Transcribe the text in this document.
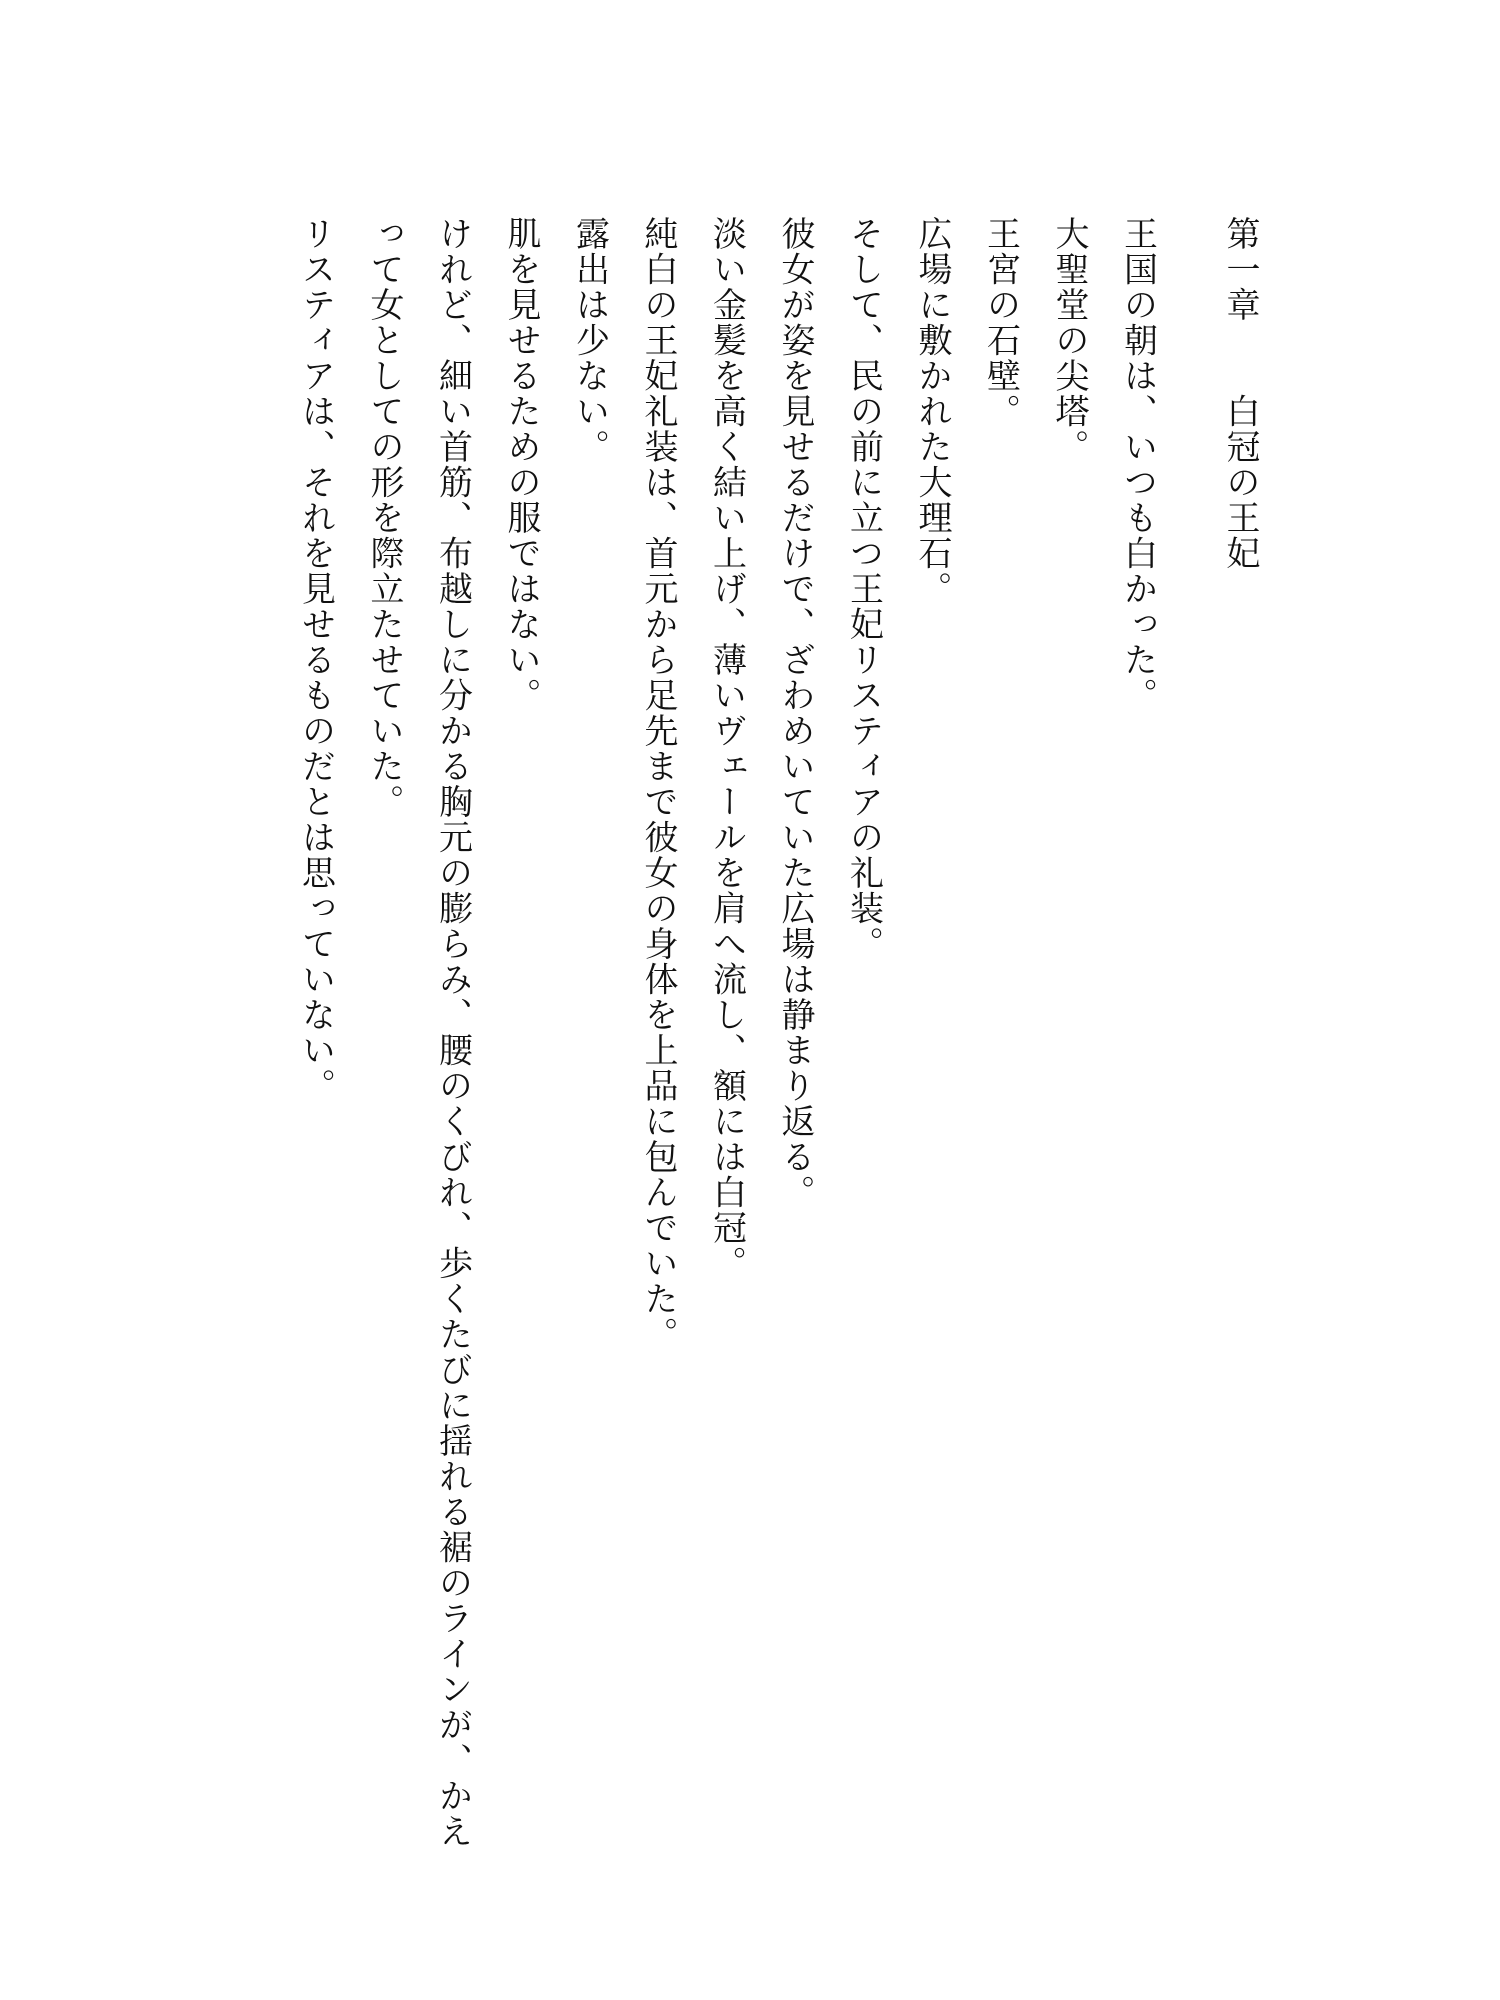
第一章　　白冠の王妃

王国の朝は、いつも白かった。

大聖堂の尖塔。

王宮の石壁。

広場に敷かれた大理石。

そして、民の前に立つ王妃リスティアの礼装。

彼女が姿を見せるだけで、ざわめいていた広場は静まり返る。

淡い金髪を高く結い上げ、薄いヴェールを肩へ流し、額には白冠。

純白の王妃礼装は、首元から足先まで彼女の身体を上品に包んでいた。

露出は少ない。

肌を見せるための服ではない。

けれど、細い首筋、布越しに分かる胸元の膨らみ、腰のくびれ、歩くたびに揺れる裾のラインが、かえ

って女としての形を際立たせていた。

リスティアは、それを見せるものだとは思っていない。
